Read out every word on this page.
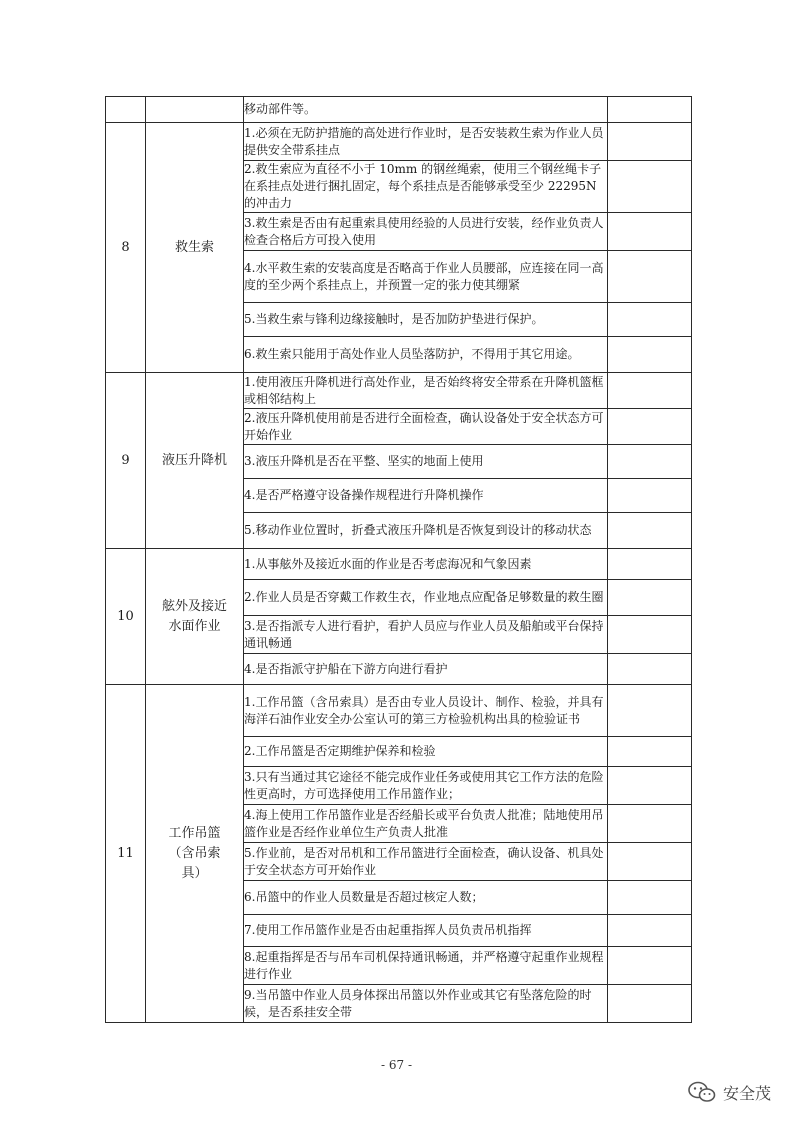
		移动部件等。	
8	救生索	1.必须在无防护措施的高处进行作业时，是否安装救生索为作业人员提供安全带系挂点	
		2.救生索应为直径不小于 10mm 的钢丝绳索，使用三个钢丝绳卡子在系挂点处进行捆扎固定，每个系挂点是否能够承受至少 22295N 的冲击力	
		3.救生索是否由有起重索具使用经验的人员进行安装，经作业负责人检查合格后方可投入使用	
		4.水平救生索的安装高度是否略高于作业人员腰部，应连接在同一高度的至少两个系挂点上，并预置一定的张力使其绷紧	
		5.当救生索与锋利边缘接触时，是否加防护垫进行保护。	
		6.救生索只能用于高处作业人员坠落防护，不得用于其它用途。	
9	液压升降机	1.使用液压升降机进行高处作业，是否始终将安全带系在升降机篮框或相邻结构上	
		2.液压升降机使用前是否进行全面检查，确认设备处于安全状态方可开始作业	
		3.液压升降机是否在平整、坚实的地面上使用	
		4.是否严格遵守设备操作规程进行升降机操作	
		5.移动作业位置时，折叠式液压升降机是否恢复到设计的移动状态	
10	舷外及接近水面作业	1.从事舷外及接近水面的作业是否考虑海况和气象因素	
		2.作业人员是否穿戴工作救生衣，作业地点应配备足够数量的救生圈	
		3.是否指派专人进行看护，看护人员应与作业人员及船舶或平台保持通讯畅通	
		4.是否指派守护船在下游方向进行看护	
11	工作吊篮（含吊索具）	1.工作吊篮（含吊索具）是否由专业人员设计、制作、检验，并具有海洋石油作业安全办公室认可的第三方检验机构出具的检验证书	
		2.工作吊篮是否定期维护保养和检验	
		3.只有当通过其它途径不能完成作业任务或使用其它工作方法的危险性更高时，方可选择使用工作吊篮作业；	
		4.海上使用工作吊篮作业是否经船长或平台负责人批准；陆地使用吊篮作业是否经作业单位生产负责人批准	
		5.作业前，是否对吊机和工作吊篮进行全面检查，确认设备、机具处于安全状态方可开始作业	
		6.吊篮中的作业人员数量是否超过核定人数；	
		7.使用工作吊篮作业是否由起重指挥人员负责吊机指挥	
		8.起重指挥是否与吊车司机保持通讯畅通，并严格遵守起重作业规程进行作业	
		9.当吊篮中作业人员身体探出吊篮以外作业或其它有坠落危险的时候，是否系挂安全带	
- 67 -
安全茂
